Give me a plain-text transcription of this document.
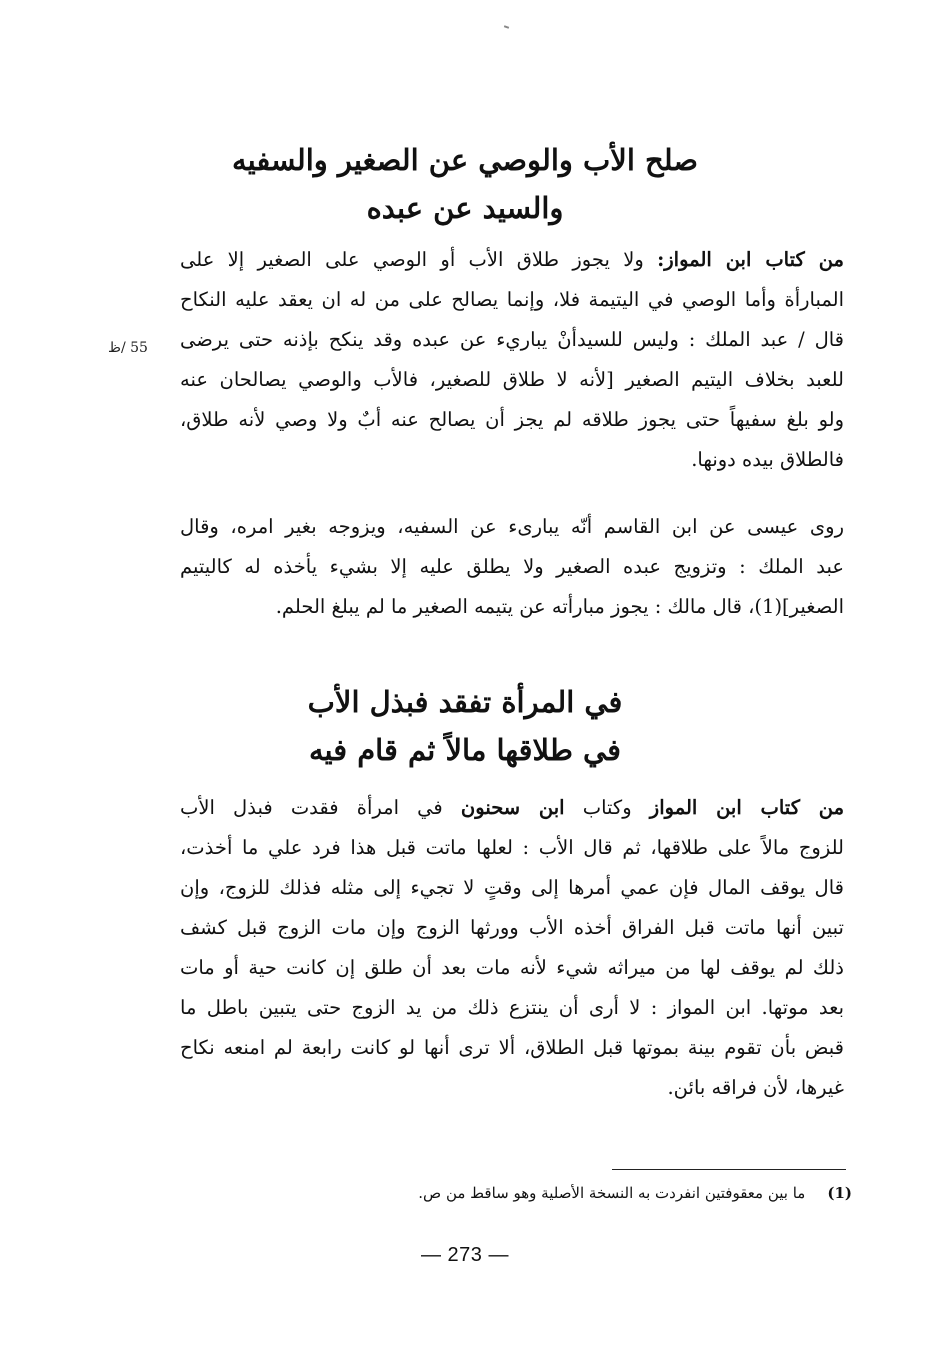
صلح الأب والوصي عن الصغير والسفيه
والسيد عن عبده
من كتاب ابن المواز: ولا يجوز طلاق الأب أو الوصي على الصغير إلا على
المبارأة وأما الوصي في اليتيمة فلا، وإنما يصالح على من له ان يعقد عليه النكاح
قال / عبد الملك : وليس للسيدأنْ يباريء عن عبده وقد ينكح بإذنه حتى يرضى
للعبد بخلاف اليتيم الصغير [لأنه لا طلاق للصغير، فالأب والوصي يصالحان عنه
ولو بلغ سفيهاً حتى يجوز طلاقه لم يجز أن يصالح عنه أبٌ ولا وصي لأنه طلاق،
فالطلاق بيده دونها.
55 /ظ
روى عيسى عن ابن القاسم أنّه يبارىء عن السفيه، ويزوجه بغير امره، وقال
عبد الملك : وتزويج عبده الصغير ولا يطلق عليه إلا بشيء يأخذه له كاليتيم
الصغير](1)، قال مالك : يجوز مبارأته عن يتيمه الصغير ما لم يبلغ الحلم.
في المرأة تفقد فبذل الأب
في طلاقها مالاً ثم قام فيه
من كتاب ابن المواز وكتاب ابن سحنون في امرأة فقدت فبذل الأب
للزوج مالاً على طلاقها، ثم قال الأب : لعلها ماتت قبل هذا فرد علي ما أخذت،
قال يوقف المال فإن عمي أمرها إلى وقتٍ لا تجيء إلى مثله فذلك للزوج، وإن
تبين أنها ماتت قبل الفراق أخذه الأب وورثها الزوج وإن مات الزوج قبل كشف
ذلك لم يوقف لها من ميراثه شيء لأنه مات بعد أن طلق إن كانت حية أو مات
بعد موتها. ابن المواز : لا أرى أن ينتزع ذلك من يد الزوج حتى يتبين باطل ما
قبض بأن تقوم بينة بموتها قبل الطلاق، ألا ترى أنها لو كانت رابعة لم امنعه نكاح
غيرها، لأن فراقه بائن.

(1)ما بين معقوفتين انفردت به النسخة الأصلية وهو ساقط من ص.

— 273 —
